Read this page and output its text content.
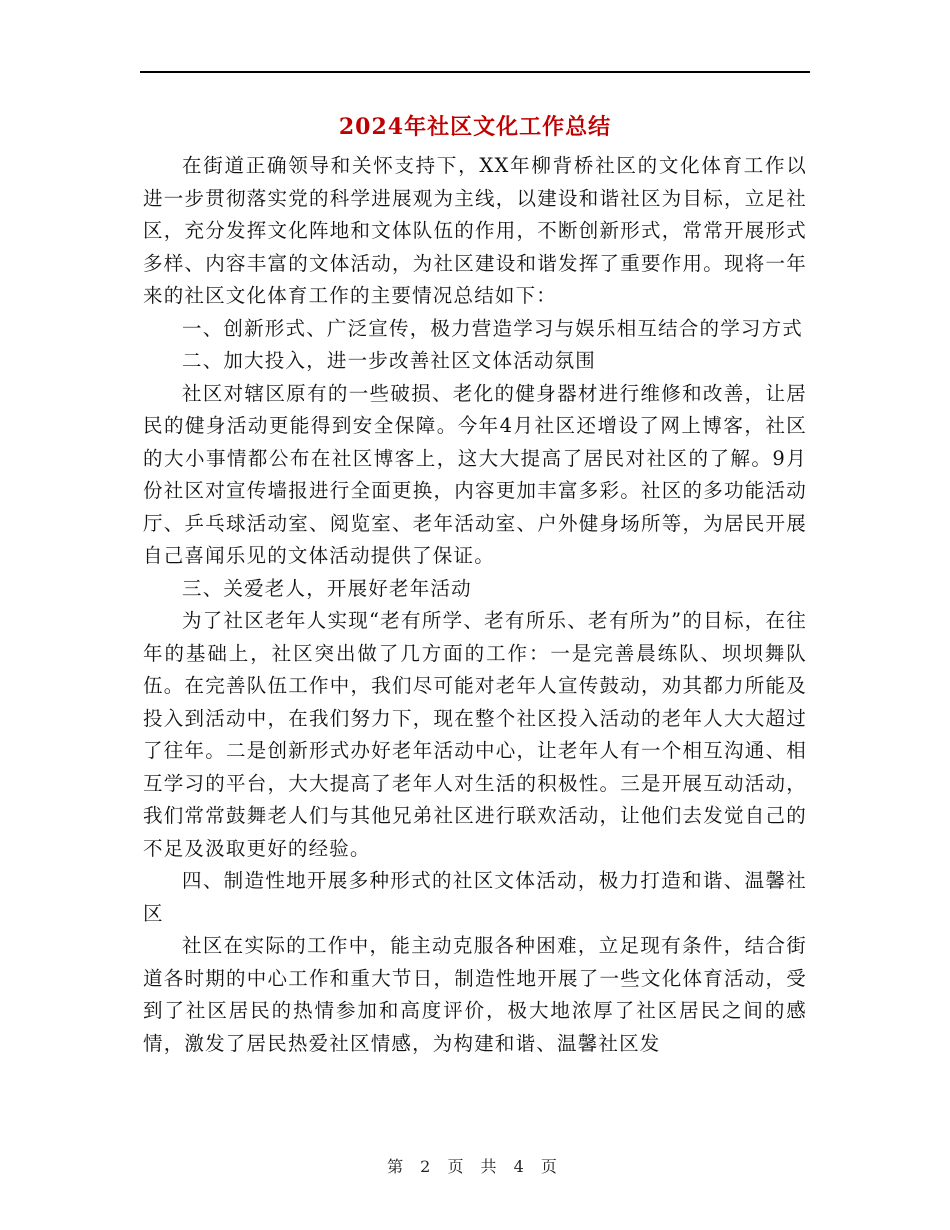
2024年社区文化工作总结

在街道正确领导和关怀支持下，XX年柳背桥社区的文化体育工作以进一步贯彻落实党的科学进展观为主线，以建设和谐社区为目标，立足社区，充分发挥文化阵地和文体队伍的作用，不断创新形式，常常开展形式多样、内容丰富的文体活动，为社区建设和谐发挥了重要作用。现将一年来的社区文化体育工作的主要情况总结如下：

一、创新形式、广泛宣传，极力营造学习与娱乐相互结合的学习方式

二、加大投入，进一步改善社区文体活动氛围

社区对辖区原有的一些破损、老化的健身器材进行维修和改善，让居民的健身活动更能得到安全保障。今年4月社区还增设了网上博客，社区的大小事情都公布在社区博客上，这大大提高了居民对社区的了解。9月份社区对宣传墙报进行全面更换，内容更加丰富多彩。社区的多功能活动厅、乒乓球活动室、阅览室、老年活动室、户外健身场所等，为居民开展自己喜闻乐见的文体活动提供了保证。

三、关爱老人，开展好老年活动

为了社区老年人实现“老有所学、老有所乐、老有所为”的目标，在往年的基础上，社区突出做了几方面的工作：一是完善晨练队、坝坝舞队伍。在完善队伍工作中，我们尽可能对老年人宣传鼓动，劝其都力所能及投入到活动中，在我们努力下，现在整个社区投入活动的老年人大大超过了往年。二是创新形式办好老年活动中心，让老年人有一个相互沟通、相互学习的平台，大大提高了老年人对生活的积极性。三是开展互动活动，我们常常鼓舞老人们与其他兄弟社区进行联欢活动，让他们去发觉自己的不足及汲取更好的经验。

四、制造性地开展多种形式的社区文体活动，极力打造和谐、温馨社区

社区在实际的工作中，能主动克服各种困难，立足现有条件，结合街道各时期的中心工作和重大节日，制造性地开展了一些文化体育活动，受到了社区居民的热情参加和高度评价，极大地浓厚了社区居民之间的感情，激发了居民热爱社区情感，为构建和谐、温馨社区发

第 2 页 共 4 页
